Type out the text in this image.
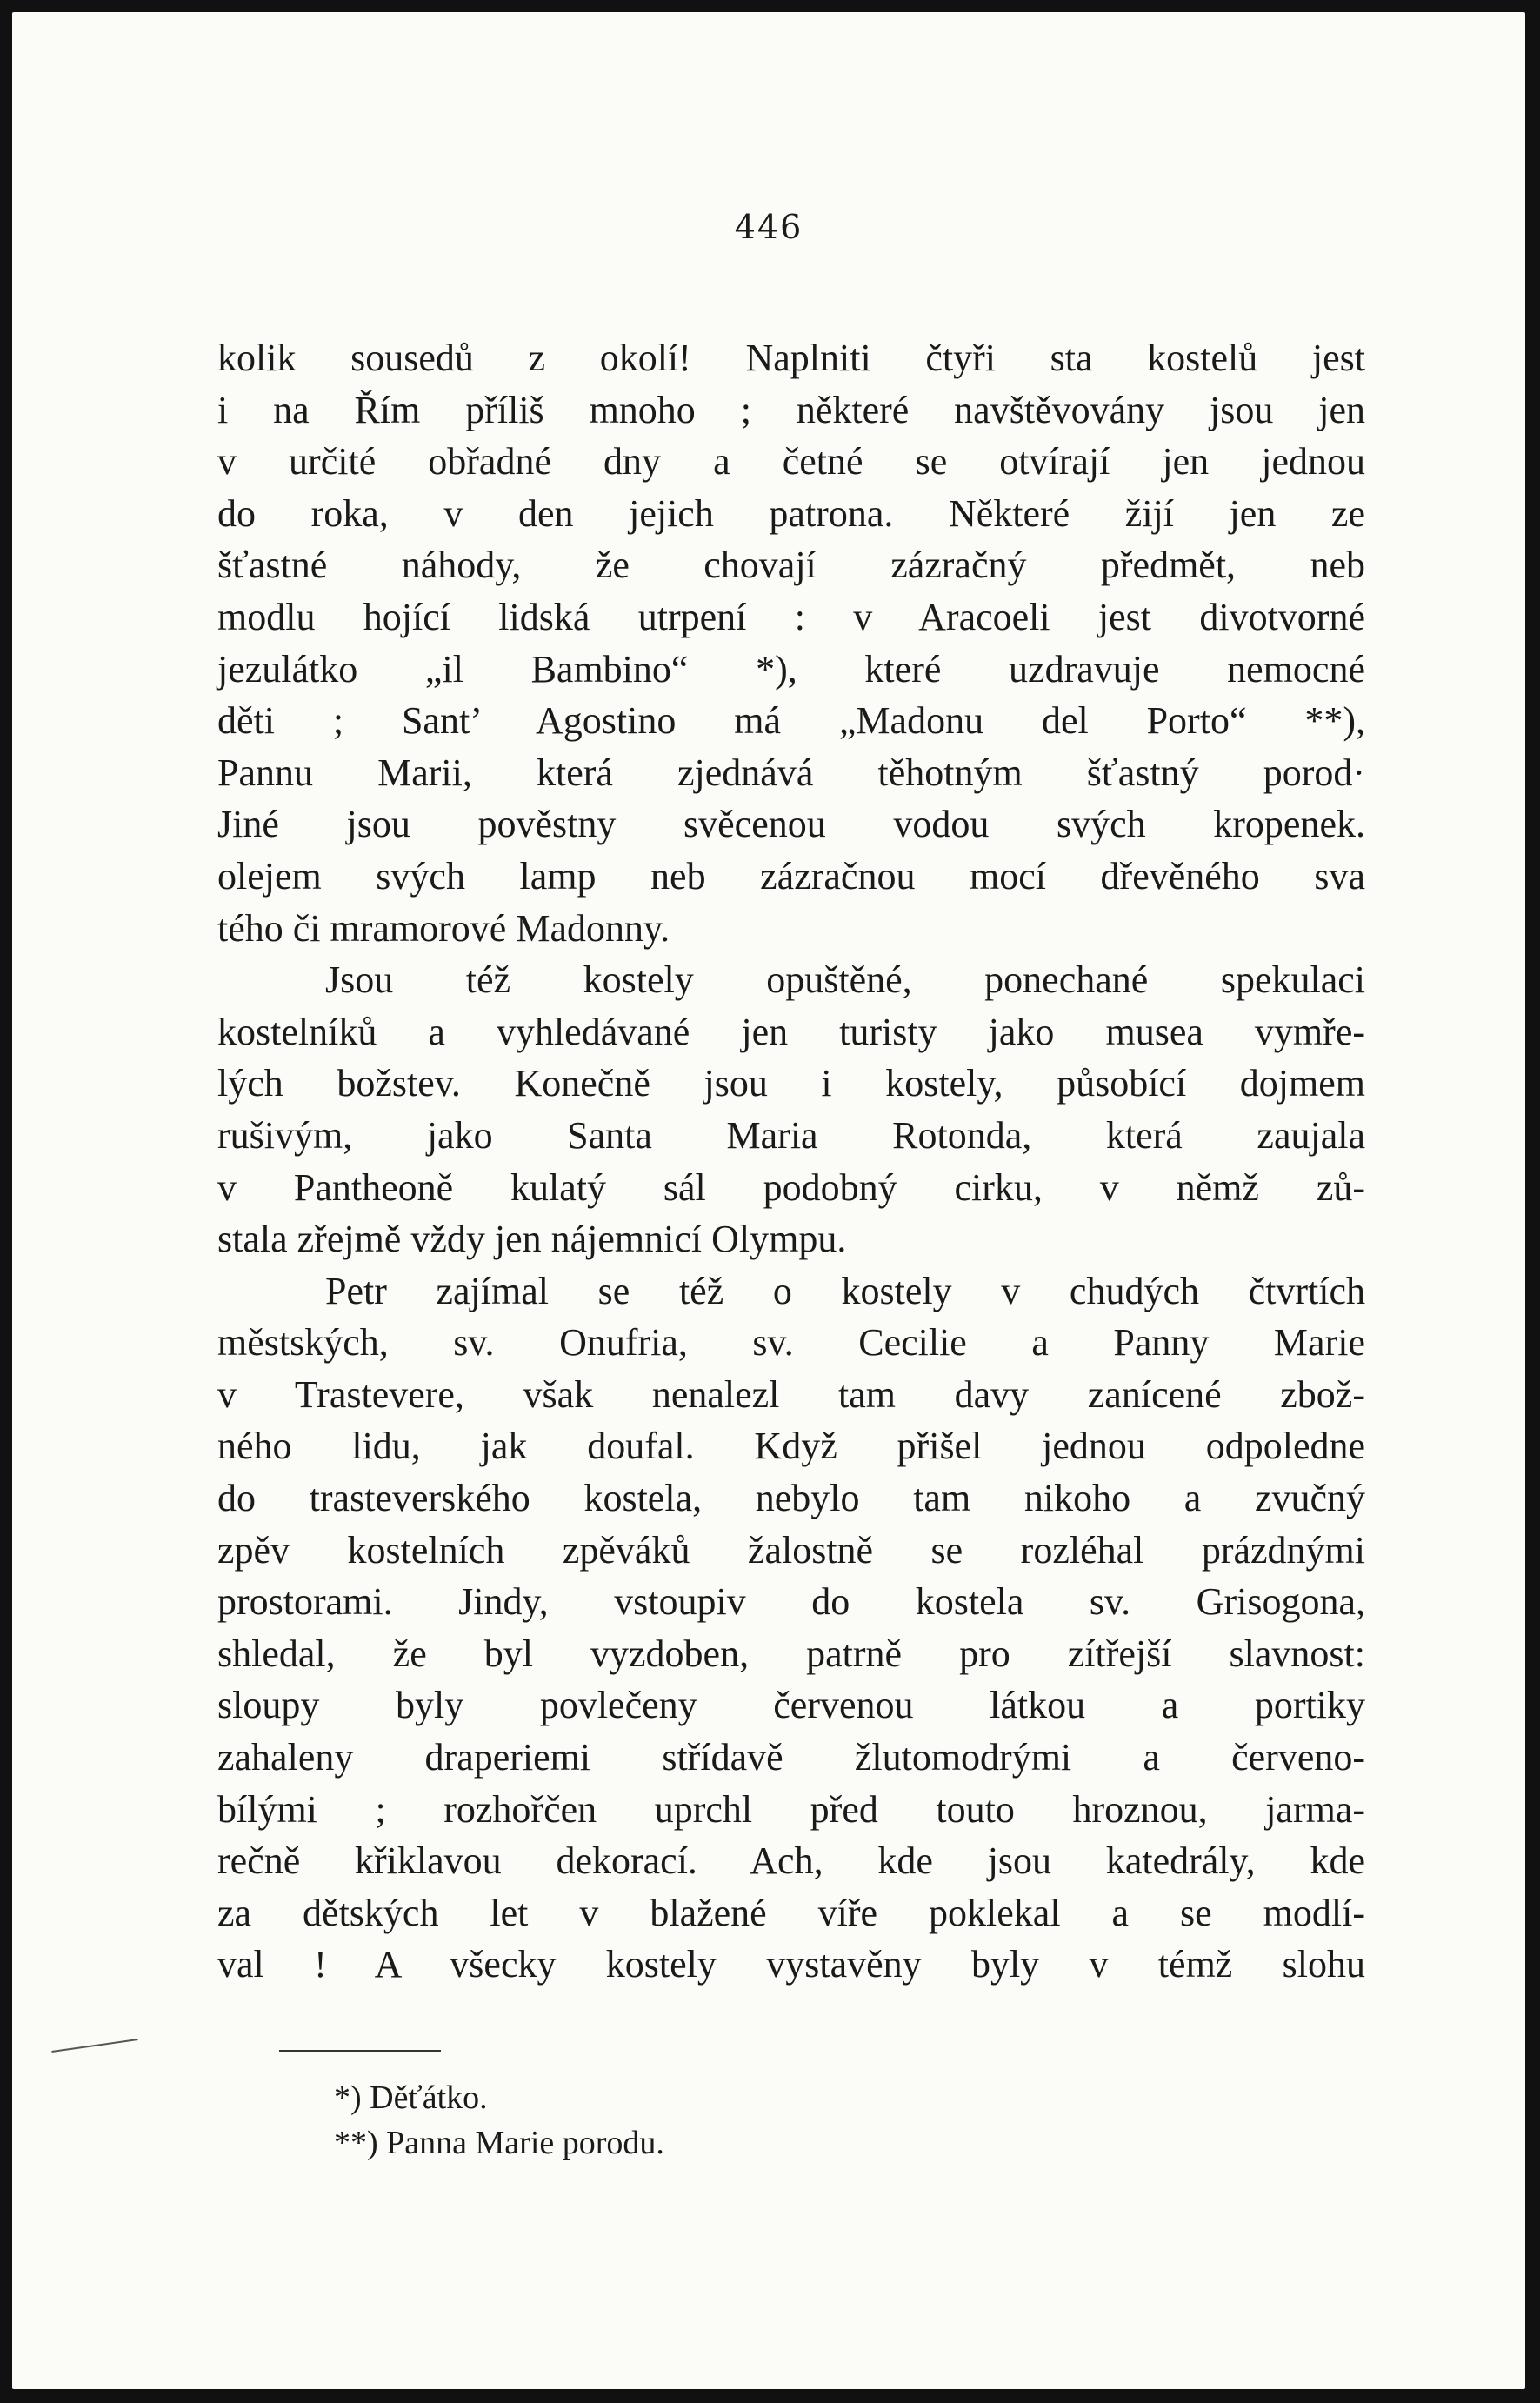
446
kolik sousedů z okolí! Naplniti čtyři sta kostelů jest
i na Řím příliš mnoho ; některé navštěvovány jsou jen
v určité obřadné dny a četné se otvírají jen jednou
do roka, v den jejich patrona. Některé žijí jen ze
šťastné náhody, že chovají zázračný předmět, neb
modlu hojící lidská utrpení : v Aracoeli jest divotvorné
jezulátko „il Bambino“ *), které uzdravuje nemocné
děti ; Sant’ Agostino má „Madonu del Porto“ **),
Pannu Marii, která zjednává těhotným šťastný porod·
Jiné jsou pověstny svěcenou vodou svých kropenek.
olejem svých lamp neb zázračnou mocí dřevěného sva
tého či mramorové Madonny.
Jsou též kostely opuštěné, ponechané spekulaci
kostelníků a vyhledávané jen turisty jako musea vymře-
lých božstev. Konečně jsou i kostely, působící dojmem
rušivým, jako Santa Maria Rotonda, která zaujala
v Pantheoně kulatý sál podobný cirku, v němž zů-
stala zřejmě vždy jen nájemnicí Olympu.
Petr zajímal se též o kostely v chudých čtvrtích
městských, sv. Onufria, sv. Cecilie a Panny Marie
v Trastevere, však nenalezl tam davy zanícené zbož-
ného lidu, jak doufal. Když přišel jednou odpoledne
do trasteverského kostela, nebylo tam nikoho a zvučný
zpěv kostelních zpěváků žalostně se rozléhal prázdnými
prostorami. Jindy, vstoupiv do kostela sv. Grisogona,
shledal, že byl vyzdoben, patrně pro zítřejší slavnost:
sloupy byly povlečeny červenou látkou a portiky
zahaleny draperiemi střídavě žlutomodrými a červeno-
bílými ; rozhořčen uprchl před touto hroznou, jarma-
rečně křiklavou dekorací. Ach, kde jsou katedrály, kde
za dětských let v blažené víře poklekal a se modlí-
val ! A všecky kostely vystavěny byly v témž slohu
*) Děťátko.
**) Panna Marie porodu.
